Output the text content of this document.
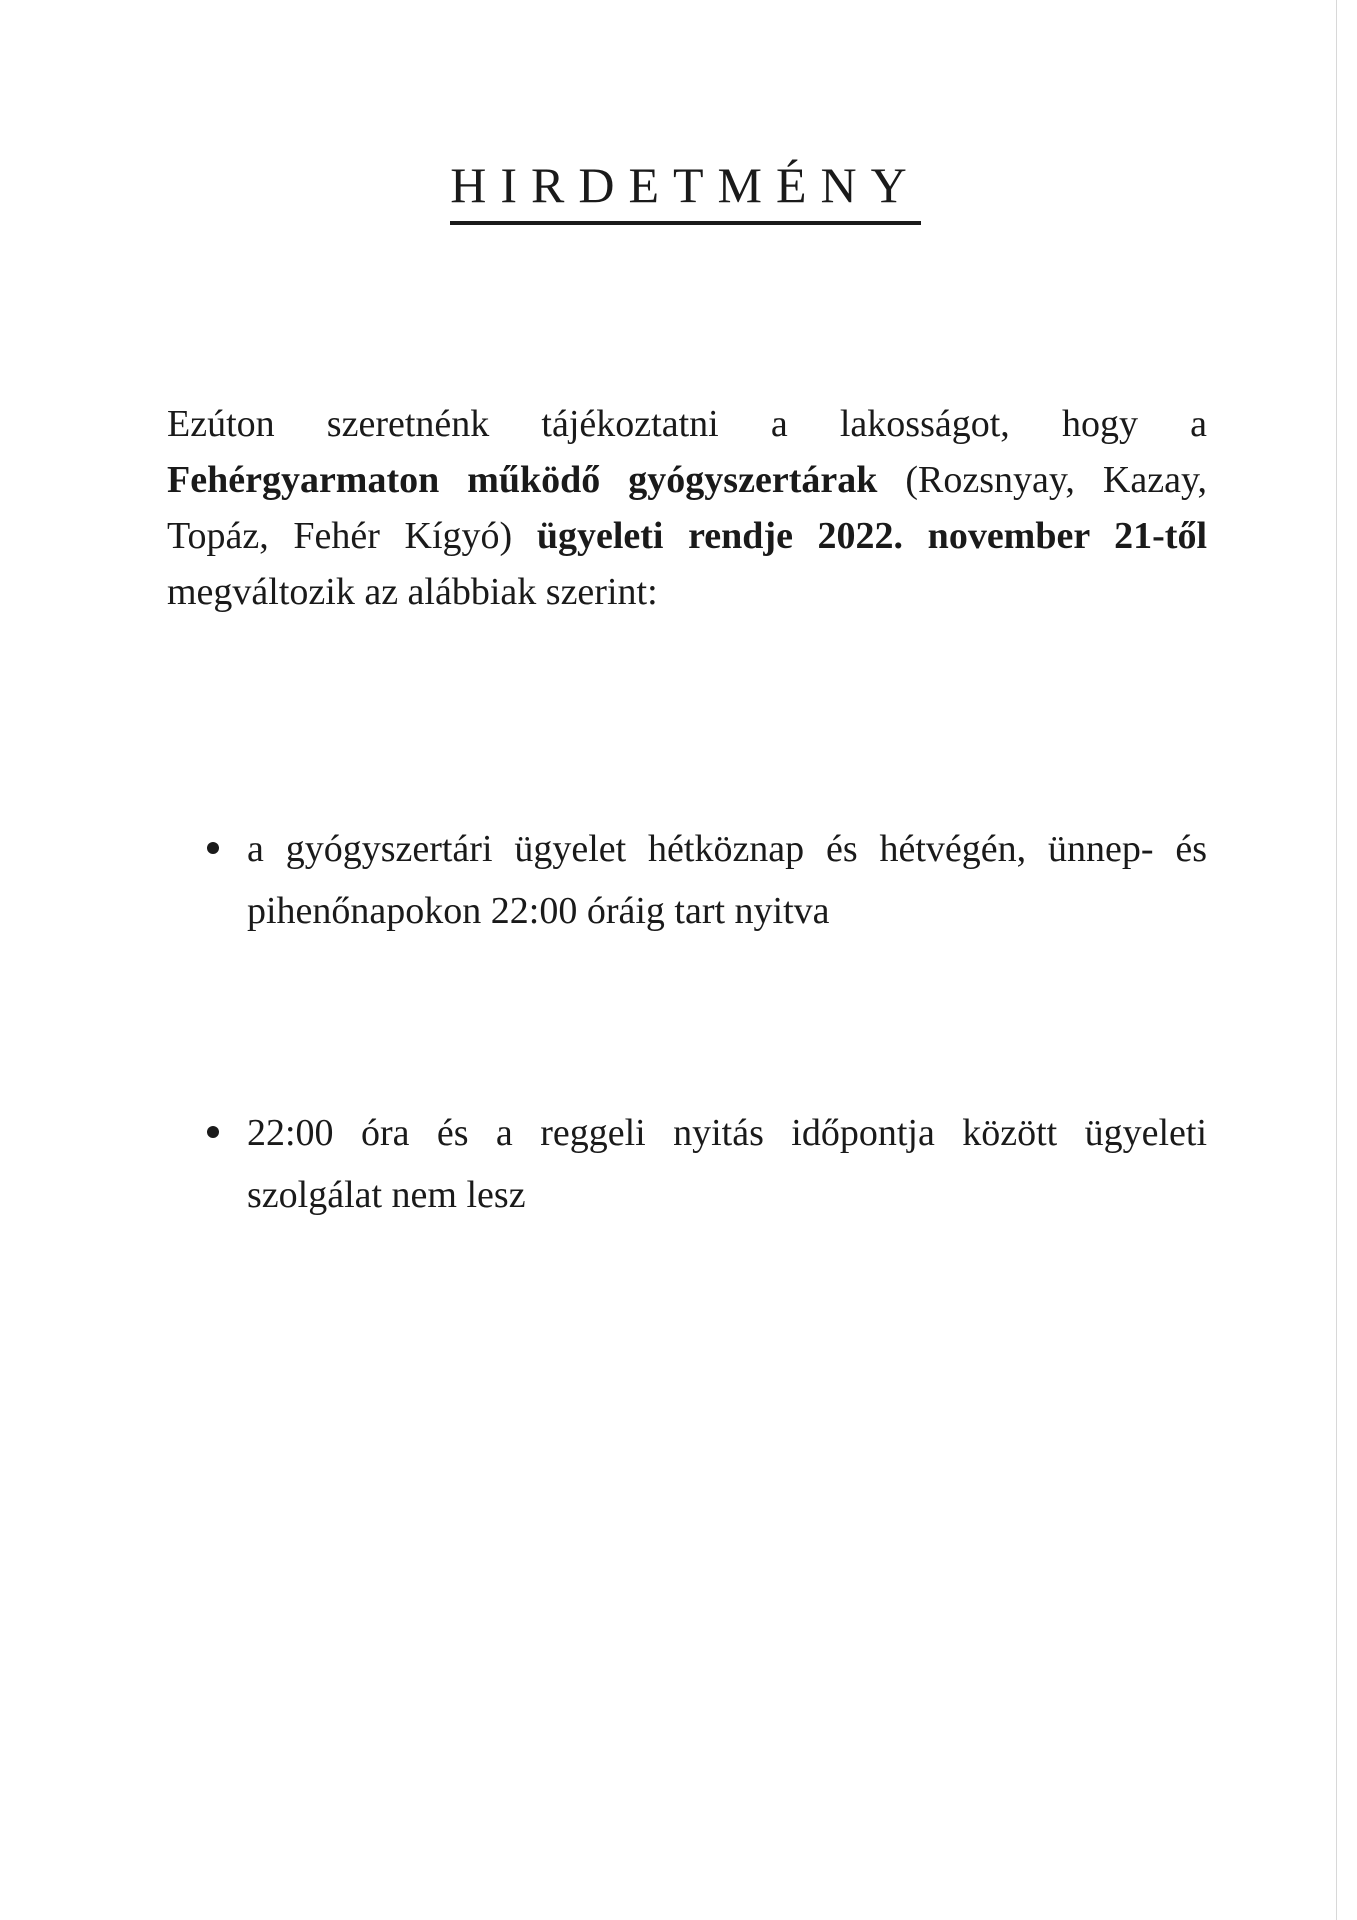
HIRDETMÉNY

Ezúton szeretnénk tájékoztatni a lakosságot, hogy a Fehérgyarmaton működő gyógyszertárak (Rozsnyay, Kazay, Topáz, Fehér Kígyó) ügyeleti rendje 2022. november 21-től megváltozik az alábbiak szerint:

a gyógyszertári ügyelet hétköznap és hétvégén, ünnep- és pihenőnapokon 22:00 óráig tart nyitva

22:00 óra és a reggeli nyitás időpontja között ügyeleti szolgálat nem lesz
